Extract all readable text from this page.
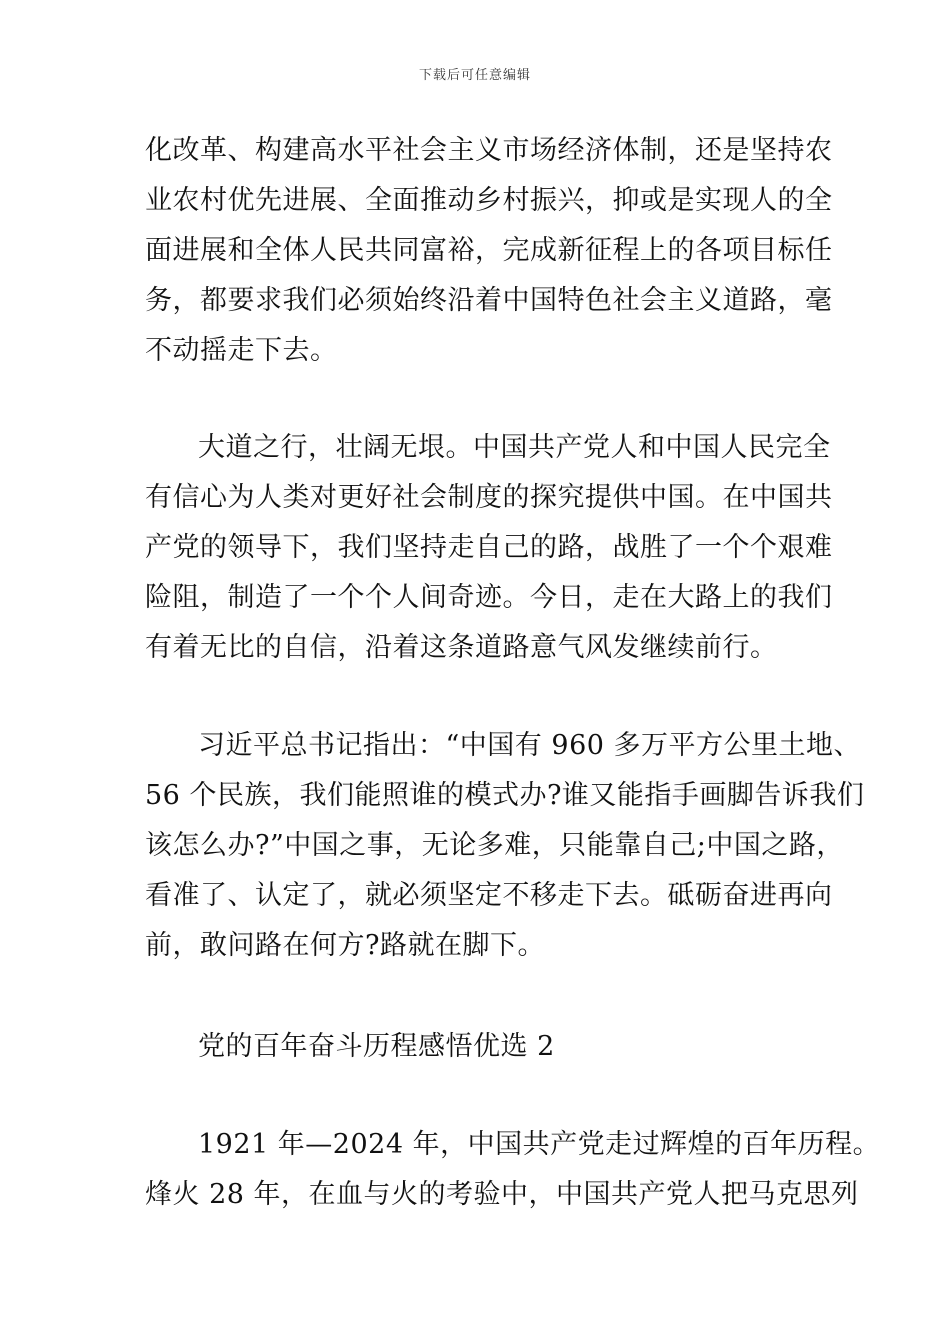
下载后可任意编辑
化改革、构建高水平社会主义市场经济体制，还是坚持农
业农村优先进展、全面推动乡村振兴，抑或是实现人的全
面进展和全体人民共同富裕，完成新征程上的各项目标任
务，都要求我们必须始终沿着中国特色社会主义道路，毫
不动摇走下去。
大道之行，壮阔无垠。中国共产党人和中国人民完全
有信心为人类对更好社会制度的探究提供中国。在中国共
产党的领导下，我们坚持走自己的路，战胜了一个个艰难
险阻，制造了一个个人间奇迹。今日，走在大路上的我们
有着无比的自信，沿着这条道路意气风发继续前行。
习近平总书记指出：“中国有 960 多万平方公里土地、
56 个民族，我们能照谁的模式办?谁又能指手画脚告诉我们
该怎么办?”中国之事，无论多难，只能靠自己;中国之路，
看准了、认定了，就必须坚定不移走下去。砥砺奋进再向
前，敢问路在何方?路就在脚下。
党的百年奋斗历程感悟优选 2
1921 年—2024 年，中国共产党走过辉煌的百年历程。
烽火 28 年，在血与火的考验中，中国共产党人把马克思列
